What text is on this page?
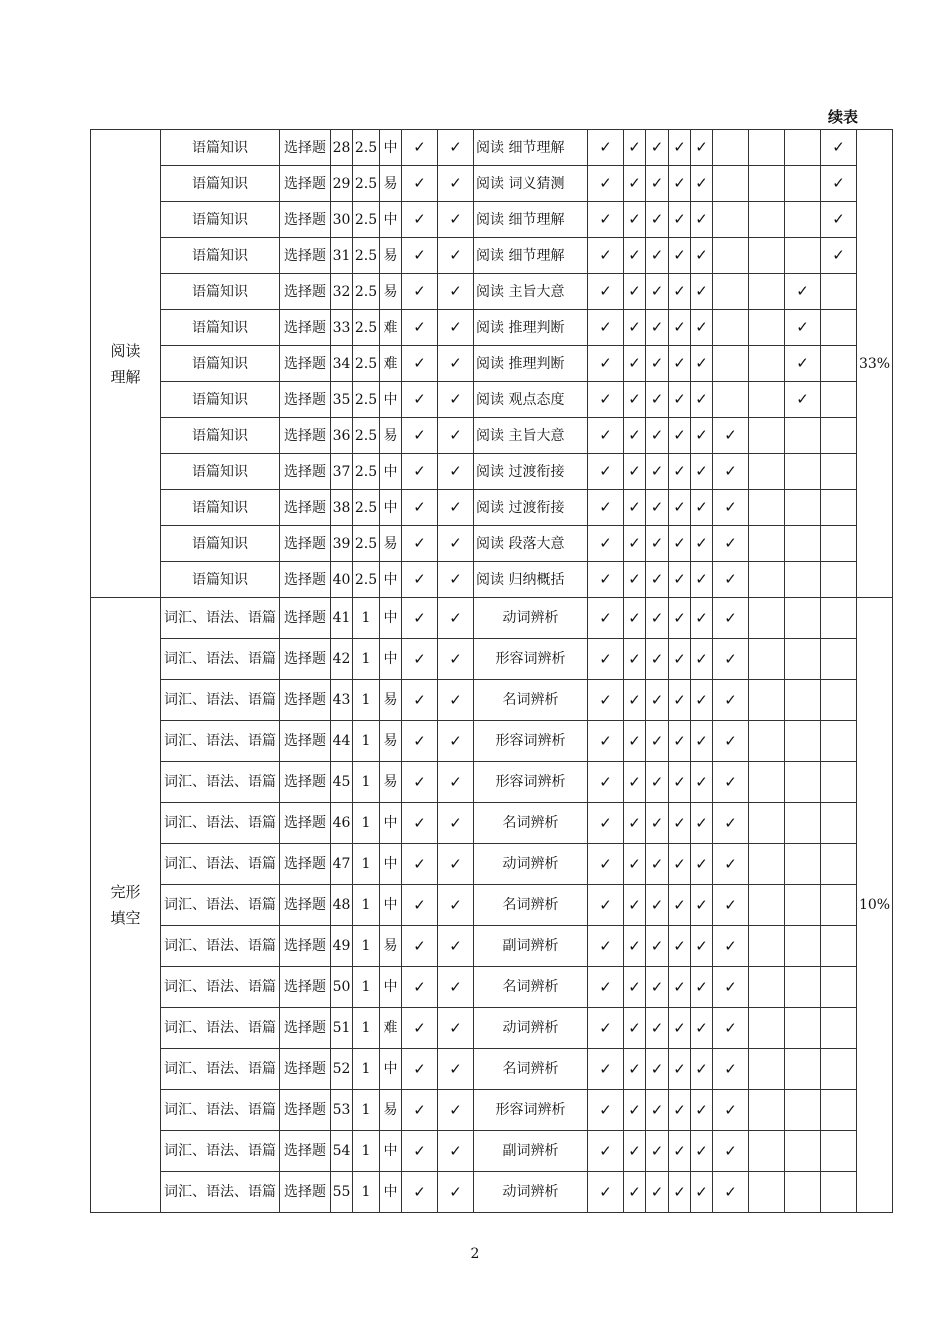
续表
阅读
理解	语篇知识	选择题	28	2.5	中	✓	✓	阅读 细节理解	✓	✓	✓	✓	✓				✓	33%
	语篇知识	选择题	29	2.5	易	✓	✓	阅读 词义猜测	✓	✓	✓	✓	✓				✓
	语篇知识	选择题	30	2.5	中	✓	✓	阅读 细节理解	✓	✓	✓	✓	✓				✓
	语篇知识	选择题	31	2.5	易	✓	✓	阅读 细节理解	✓	✓	✓	✓	✓				✓
	语篇知识	选择题	32	2.5	易	✓	✓	阅读 主旨大意	✓	✓	✓	✓	✓			✓	
	语篇知识	选择题	33	2.5	难	✓	✓	阅读 推理判断	✓	✓	✓	✓	✓			✓	
	语篇知识	选择题	34	2.5	难	✓	✓	阅读 推理判断	✓	✓	✓	✓	✓			✓	
	语篇知识	选择题	35	2.5	中	✓	✓	阅读 观点态度	✓	✓	✓	✓	✓			✓	
	语篇知识	选择题	36	2.5	易	✓	✓	阅读 主旨大意	✓	✓	✓	✓	✓	✓			
	语篇知识	选择题	37	2.5	中	✓	✓	阅读 过渡衔接	✓	✓	✓	✓	✓	✓			
	语篇知识	选择题	38	2.5	中	✓	✓	阅读 过渡衔接	✓	✓	✓	✓	✓	✓			
	语篇知识	选择题	39	2.5	易	✓	✓	阅读 段落大意	✓	✓	✓	✓	✓	✓			
	语篇知识	选择题	40	2.5	中	✓	✓	阅读 归纳概括	✓	✓	✓	✓	✓	✓			

完形
填空	词汇、语法、语篇	选择题	41	1	中	✓	✓	动词辨析	✓	✓	✓	✓	✓	✓				10%
	词汇、语法、语篇	选择题	42	1	中	✓	✓	形容词辨析	✓	✓	✓	✓	✓	✓			
	词汇、语法、语篇	选择题	43	1	易	✓	✓	名词辨析	✓	✓	✓	✓	✓	✓			
	词汇、语法、语篇	选择题	44	1	易	✓	✓	形容词辨析	✓	✓	✓	✓	✓	✓			
	词汇、语法、语篇	选择题	45	1	易	✓	✓	形容词辨析	✓	✓	✓	✓	✓	✓			
	词汇、语法、语篇	选择题	46	1	中	✓	✓	名词辨析	✓	✓	✓	✓	✓	✓			
	词汇、语法、语篇	选择题	47	1	中	✓	✓	动词辨析	✓	✓	✓	✓	✓	✓			
	词汇、语法、语篇	选择题	48	1	中	✓	✓	名词辨析	✓	✓	✓	✓	✓	✓			
	词汇、语法、语篇	选择题	49	1	易	✓	✓	副词辨析	✓	✓	✓	✓	✓	✓			
	词汇、语法、语篇	选择题	50	1	中	✓	✓	名词辨析	✓	✓	✓	✓	✓	✓			
	词汇、语法、语篇	选择题	51	1	难	✓	✓	动词辨析	✓	✓	✓	✓	✓	✓			
	词汇、语法、语篇	选择题	52	1	中	✓	✓	名词辨析	✓	✓	✓	✓	✓	✓			
	词汇、语法、语篇	选择题	53	1	易	✓	✓	形容词辨析	✓	✓	✓	✓	✓	✓			
	词汇、语法、语篇	选择题	54	1	中	✓	✓	副词辨析	✓	✓	✓	✓	✓	✓			
	词汇、语法、语篇	选择题	55	1	中	✓	✓	动词辨析	✓	✓	✓	✓	✓	✓			
2
